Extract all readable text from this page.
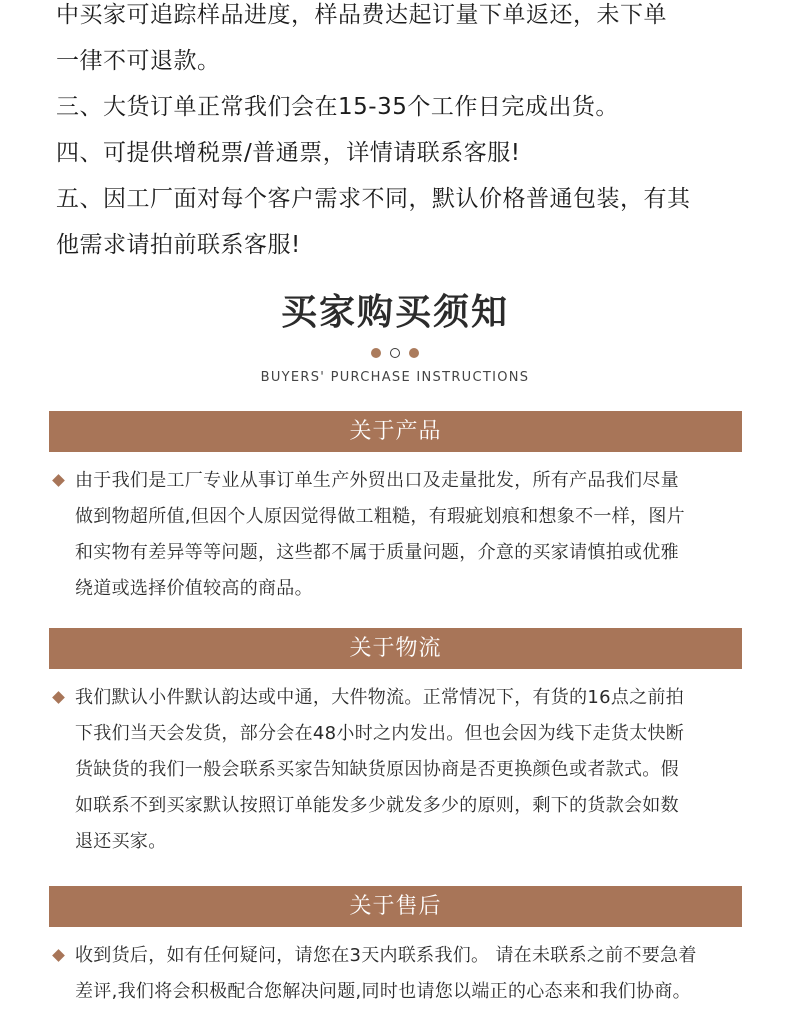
中买家可追踪样品进度，样品费达起订量下单返还，未下单

一律不可退款。

三、大货订单正常我们会在15-35个工作日完成出货。

四、可提供增税票/普通票，详情请联系客服!

五、因工厂面对每个客户需求不同，默认价格普通包装，有其

他需求请拍前联系客服!

买家购买须知
BUYERS' PURCHASE INSTRUCTIONS
关于产品
由于我们是工厂专业从事订单生产外贸出口及走量批发，所有产品我们尽量
做到物超所值,但因个人原因觉得做工粗糙，有瑕疵划痕和想象不一样，图片
和实物有差异等等问题，这些都不属于质量问题，介意的买家请慎拍或优雅
绕道或选择价值较高的商品。
关于物流
我们默认小件默认韵达或中通，大件物流。正常情况下，有货的16点之前拍
下我们当天会发货，部分会在48小时之内发出。但也会因为线下走货太快断
货缺货的我们一般会联系买家告知缺货原因协商是否更换颜色或者款式。假
如联系不到买家默认按照订单能发多少就发多少的原则，剩下的货款会如数
退还买家。
关于售后
收到货后，如有任何疑问，请您在3天内联系我们。 请在未联系之前不要急着
差评,我们将会积极配合您解决问题,同时也请您以端正的心态来和我们协商。
